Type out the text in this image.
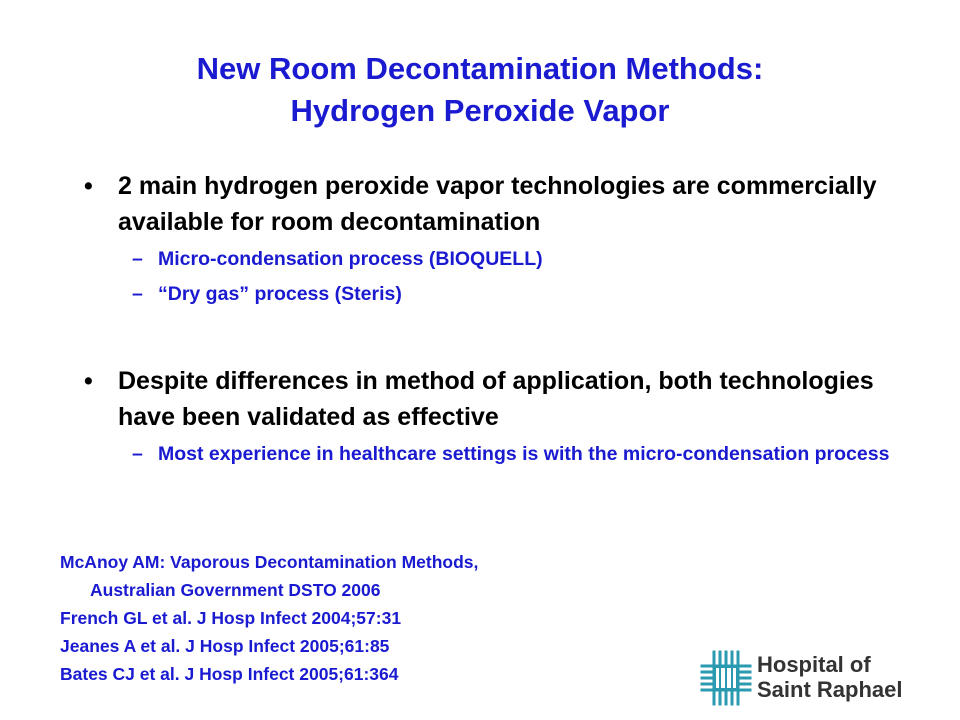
New Room Decontamination Methods:
Hydrogen Peroxide Vapor
• 2 main hydrogen peroxide vapor technologies are commercially available for room decontamination
– Micro-condensation process (BIOQUELL)
– “Dry gas” process (Steris)
• Despite differences in method of application, both technologies have been validated as effective
– Most experience in healthcare settings is with the micro-condensation process
McAnoy AM: Vaporous Decontamination Methods,
Australian Government DSTO 2006
French GL et al. J Hosp Infect 2004;57:31
Jeanes A et al. J Hosp Infect 2005;61:85
Bates CJ et al. J Hosp Infect 2005;61:364	Hospital of
Saint Raphael
